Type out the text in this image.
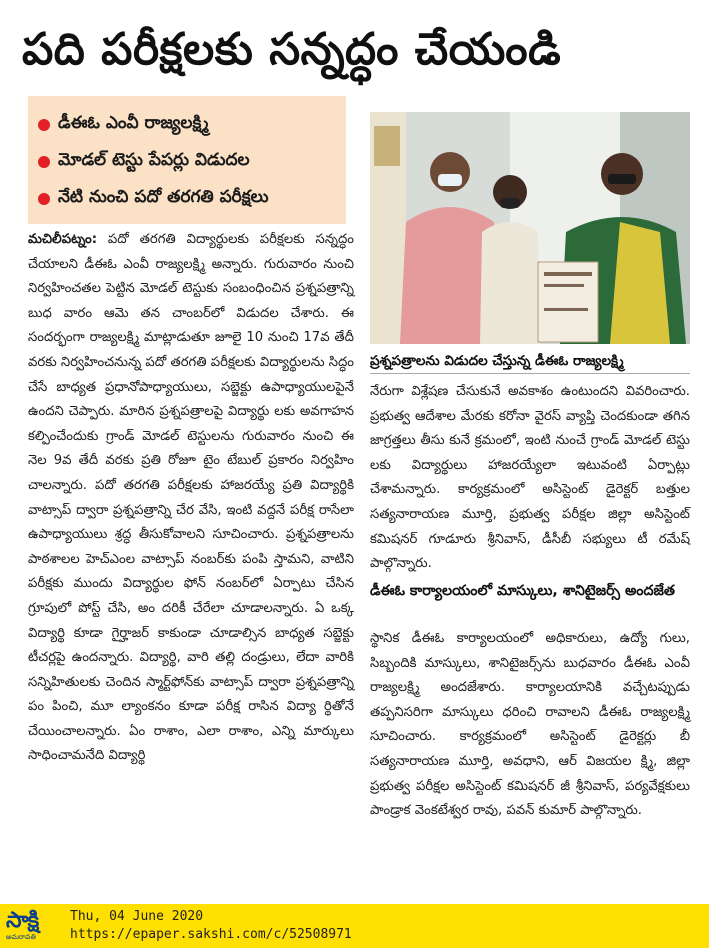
పది పరీక్షలకు సన్నద్ధం చేయండి
డీఈఓ ఎంవీ రాజ్యలక్ష్మి
మోడల్ టెస్టు పేపర్లు విడుదల
నేటి నుంచి పదో తరగతి పరీక్షలు
ప్రశ్నపత్రాలను విడుదల చేస్తున్న డీఈఓ రాజ్యలక్ష్మి
మచిలీపట్నం: పదో తరగతి విద్యార్థులకు పరీక్షలకు సన్నద్ధం చేయాలని డీఈఓ ఎంవీ రాజ్యలక్ష్మి అన్నారు. గురువారం నుంచి నిర్వహించతల పెట్టిన మోడల్ టెస్టుకు సంబంధించిన ప్రశ్నపత్రాన్ని బుధ వారం ఆమె తన చాంబర్‌లో విడుదల చేశారు. ఈ సందర్భంగా రాజ్యలక్ష్మి మాట్లాడుతూ జూలై 10 నుంచి 17వ తేదీ వరకు నిర్వహించనున్న పదో తరగతి పరీక్షలకు విద్యార్థులను సిద్ధం చేసే బాధ్యత ప్రధానోపాధ్యాయులు, సబ్జెక్టు ఉపాధ్యాయులపైనే ఉందని చెప్పారు. మారిన ప్రశ్నపత్రాలపై విద్యార్థు లకు అవగాహన కల్పించేందుకు గ్రాండ్ మోడల్ టెస్టులను గురువారం నుంచి ఈ నెల 9వ తేదీ వరకు ప్రతి రోజూ టైం టేబుల్ ప్రకారం నిర్వహిం చాలన్నారు. పదో తరగతి పరీక్షలకు హాజరయ్యే ప్రతి విద్యార్థికి వాట్సాప్ ద్వారా ప్రశ్నపత్రాన్ని చేర వేసి, ఇంటి వద్దనే పరీక్ష రాసేలా ఉపాధ్యాయులు శ్రద్ధ తీసుకోవాలని సూచించారు. ప్రశ్నపత్రాలను పాఠశాలల హెచ్ఎంల వాట్సాప్ నంబర్‌కు పంపి స్తామని, వాటిని పరీక్షకు ముందు విద్యార్థుల ఫోన్ నంబర్‌లో ఏర్పాటు చేసిన గ్రూపులో పోస్ట్ చేసి, అం దరికీ చేరేలా చూడాలన్నారు. ఏ ఒక్క విద్యార్థి కూడా గైర్హాజర్ కాకుండా చూడాల్సిన బాధ్యత సబ్జెక్టు టీచర్లపై ఉందన్నారు. విద్యార్థి, వారి తల్లి దండ్రులు, లేదా వారికి సన్నిహితులకు చెందిన స్మార్ట్‌ఫోన్‌కు వాట్సాప్ ద్వారా ప్రశ్నపత్రాన్ని పం పించి, మూ ల్యాంకనం కూడా పరీక్ష రాసిన విద్యా ర్థితోనే చేయించాలన్నారు. ఏం రాశాం, ఎలా రాశాం, ఎన్ని మార్కులు సాధించామనేది విద్యార్థి
నేరుగా విశ్లేషణ చేసుకునే అవకాశం ఉంటుందని వివరించారు. ప్రభుత్వ ఆదేశాల మేరకు కరోనా వైరస్ వ్యాప్తి చెందకుండా తగిన జాగ్రత్తలు తీసు కునే క్రమంలో, ఇంటి నుంచే గ్రాండ్ మోడల్ టెస్టు లకు విద్యార్థులు హాజరయ్యేలా ఇటువంటి ఏర్పాట్లు చేశామన్నారు. కార్యక్రమంలో అసిస్టెంట్ డైరెక్టర్ బత్తుల సత్యనారాయణ మూర్తి, ప్రభుత్వ పరీక్షల జిల్లా అసిస్టెంట్ కమిషనర్ గూడూరు శ్రీనివాస్, డీసీబీ సభ్యులు టీ రమేష్ పాల్గొన్నారు.
డీఈఓ కార్యాలయంలో మాస్కులు, శానిటైజర్స్ అందజేత
స్థానిక డీఈఓ కార్యాలయంలో అధికారులు, ఉద్యో గులు, సిబ్బందికి మాస్కులు, శానిటైజర్స్‌ను బుధవారం డీఈఓ ఎంవీ రాజ్యలక్ష్మి అందజేశారు. కార్యాలయానికి వచ్చేటప్పుడు తప్పనిసరిగా మాస్కులు ధరించి రావాలని డీఈఓ రాజ్యలక్ష్మి సూచించారు. కార్యక్రమంలో అసిస్టెంట్ డైరెక్టర్లు బీ సత్యనారాయణ మూర్తి, అవధాని, ఆర్ విజయల క్ష్మి, జిల్లా ప్రభుత్వ పరీక్షల అసిస్టెంట్ కమిషనర్ జీ శ్రీనివాస్, పర్యవేక్షకులు పాండ్రాక వెంకటేశ్వర రావు, పవన్ కుమార్ పాల్గొన్నారు.
సాక్షి
అమరావతి
Thu, 04 June 2020
https://epaper.sakshi.com/c/52508971
